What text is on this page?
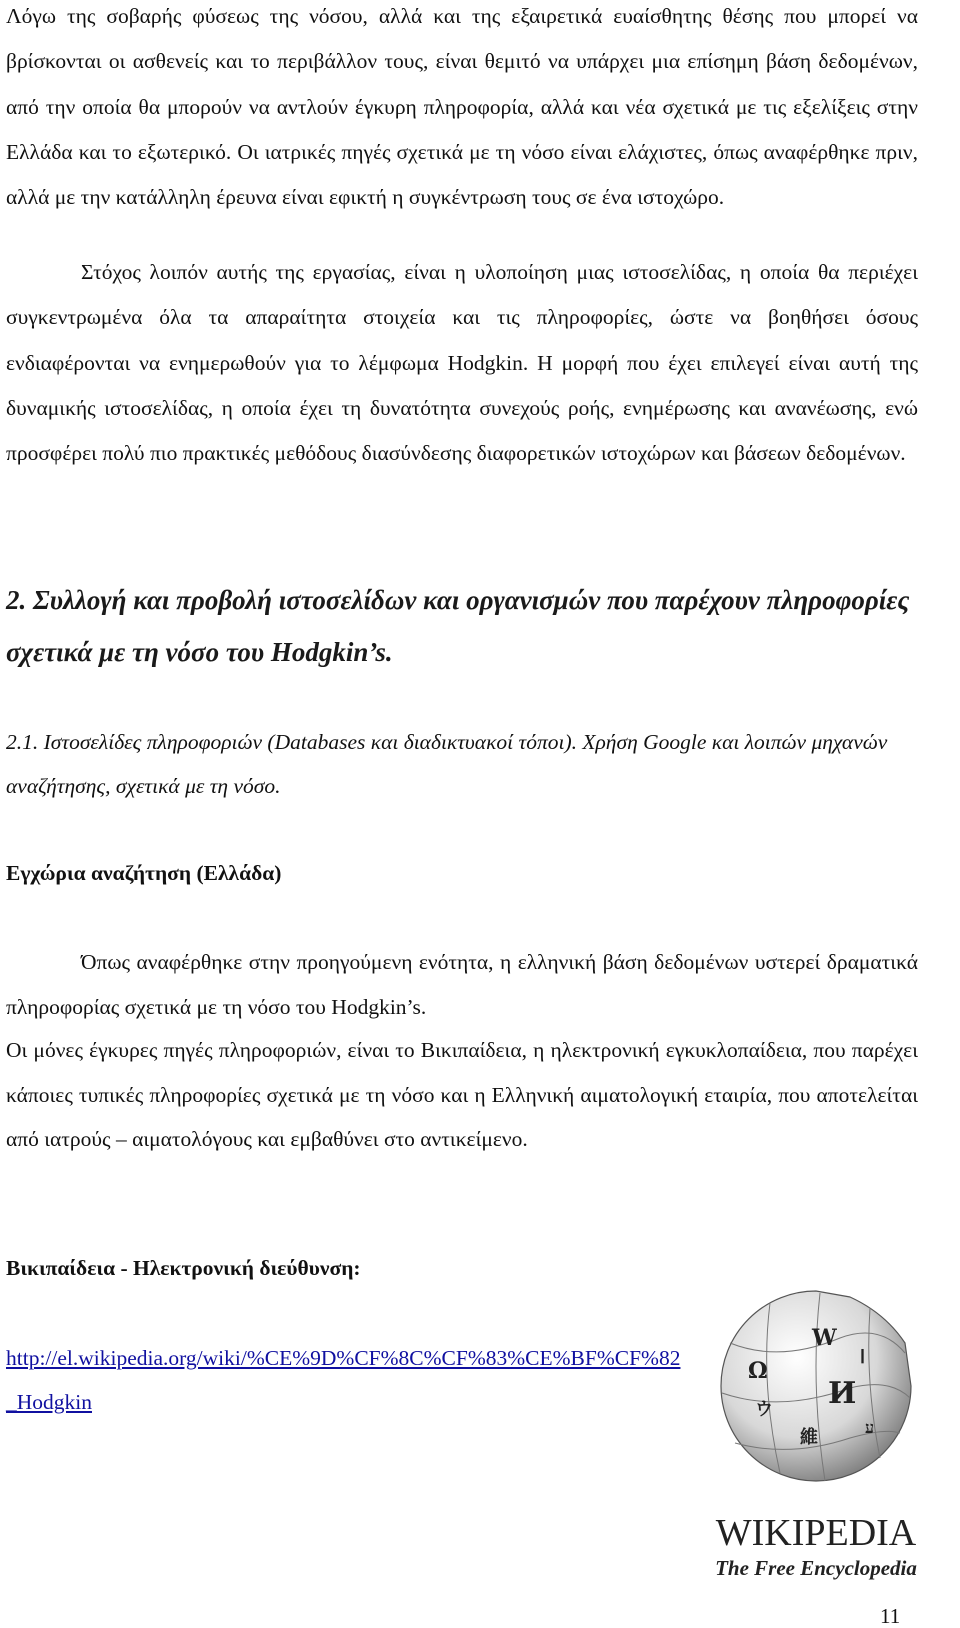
Λόγω της σοβαρής φύσεως της νόσου, αλλά και της εξαιρετικά ευαίσθητης θέσης που μπορεί να βρίσκονται οι ασθενείς και το περιβάλλον τους, είναι θεμιτό να υπάρχει μια επίσημη βάση δεδομένων, από την οποία θα μπορούν να αντλούν έγκυρη πληροφορία, αλλά και νέα σχετικά με τις εξελίξεις στην Ελλάδα και το εξωτερικό. Οι ιατρικές πηγές σχετικά με τη νόσο είναι ελάχιστες, όπως αναφέρθηκε πριν, αλλά με την κατάλληλη έρευνα είναι εφικτή η συγκέντρωση τους σε ένα ιστοχώρο.

Στόχος λοιπόν αυτής της εργασίας, είναι η υλοποίηση μιας ιστοσελίδας, η οποία θα περιέχει συγκεντρωμένα όλα τα απαραίτητα στοιχεία και τις πληροφορίες, ώστε να βοηθήσει όσους ενδιαφέρονται να ενημερωθούν για το λέμφωμα Hodgkin. Η μορφή που έχει επιλεγεί είναι αυτή της δυναμικής ιστοσελίδας, η οποία έχει τη δυνατότητα συνεχούς ροής, ενημέρωσης και ανανέωσης, ενώ προσφέρει πολύ πιο πρακτικές μεθόδους διασύνδεσης διαφορετικών ιστοχώρων και βάσεων δεδομένων.

2. Συλλογή και προβολή ιστοσελίδων και οργανισμών που παρέχουν πληροφορίες σχετικά με τη νόσο του Hodgkin’s.

2.1. Ιστοσελίδες πληροφοριών (Databases και διαδικτυακοί τόποι). Χρήση Google και λοιπών μηχανών αναζήτησης, σχετικά με τη νόσο.

Εγχώρια αναζήτηση (Ελλάδα)

Όπως αναφέρθηκε στην προηγούμενη ενότητα, η ελληνική βάση δεδομένων υστερεί δραματικά πληροφορίας σχετικά με τη νόσο του Hodgkin’s.

Οι μόνες έγκυρες πηγές πληροφοριών, είναι το Βικιπαίδεια, η ηλεκτρονική εγκυκλοπαίδεια, που παρέχει κάποιες τυπικές πληροφορίες σχετικά με τη νόσο και η Ελληνική αιματολογική εταιρία, που αποτελείται από ιατρούς – αιματολόγους και εμβαθύνει στο αντικείμενο.

Βικιπαίδεια - Ηλεκτρονική διεύθυνση:

http://el.wikipedia.org/wiki/%CE%9D%CF%8C%CF%83%CE%BF%CF%82_Hodgkin
W
Ω
И
ウ
維
ا
ע
WIKIPEDIA
The Free Encyclopedia
11
